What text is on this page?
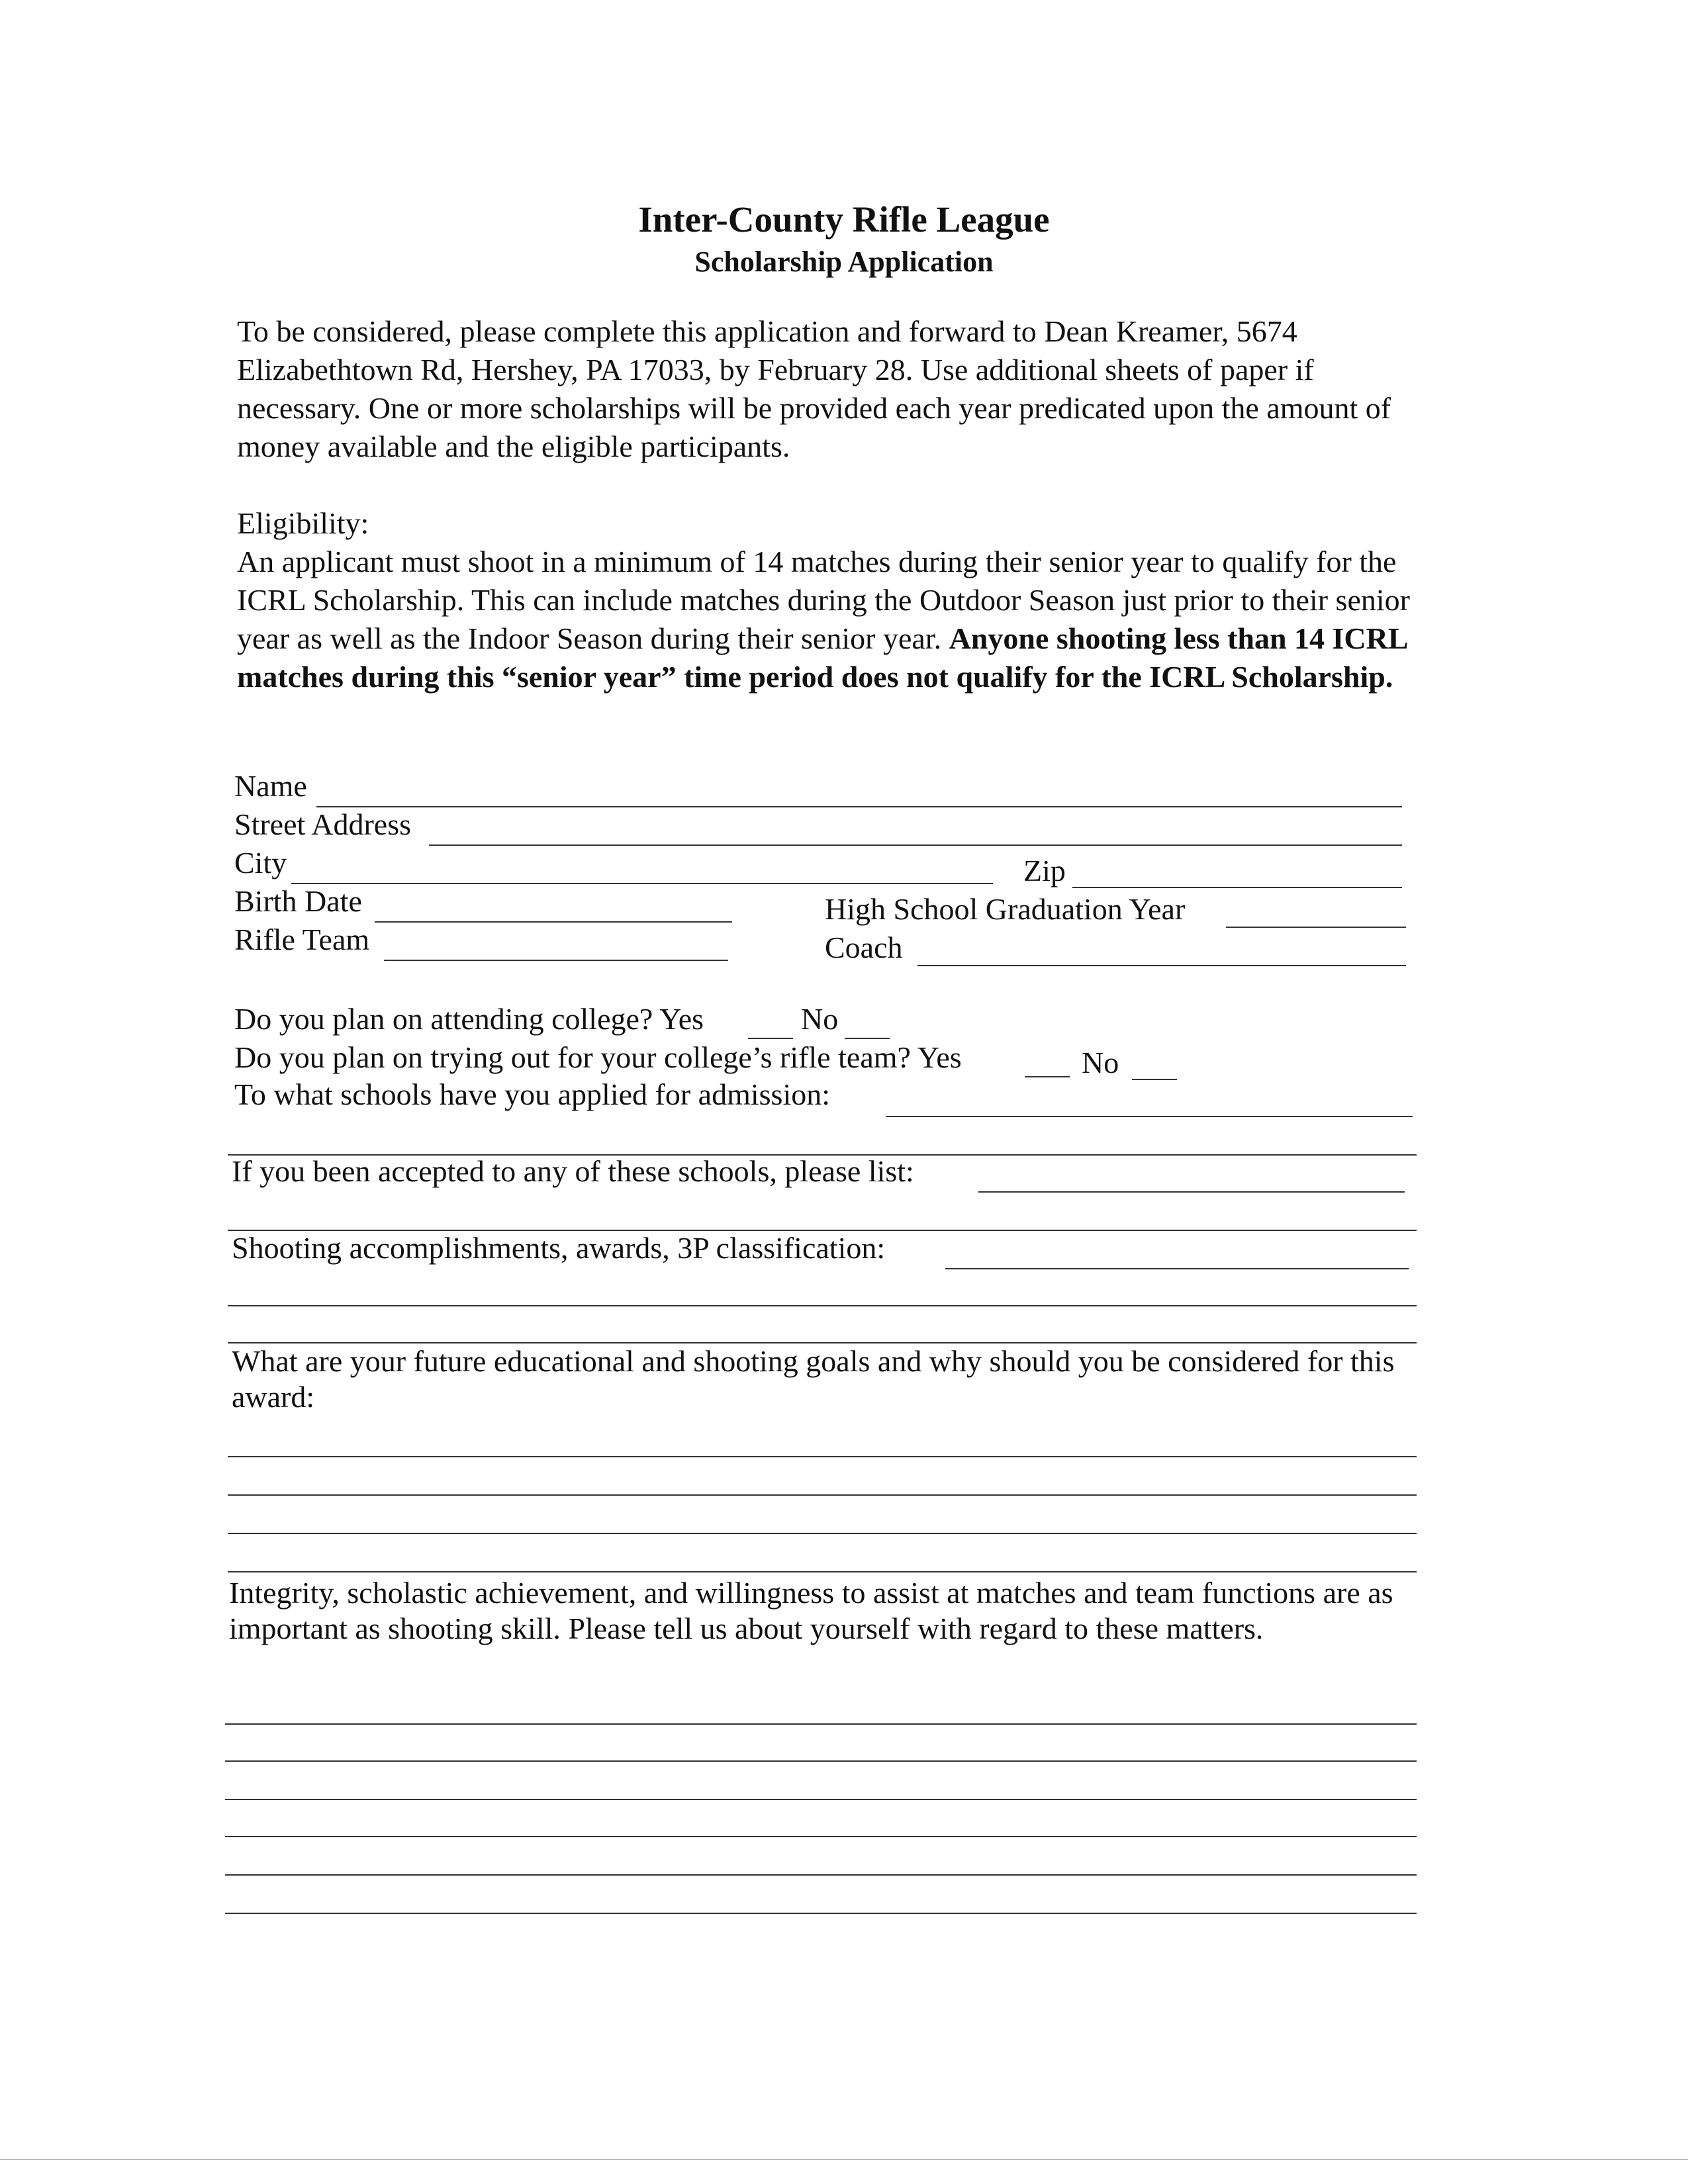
Inter-County Rifle League
Scholarship Application
To be considered, please complete this application and forward to Dean Kreamer, 5674 Elizabethtown Rd, Hershey, PA 17033, by February 28. Use additional sheets of paper if necessary. One or more scholarships will be provided each year predicated upon the amount of money available and the eligible participants.
Eligibility:
An applicant must shoot in a minimum of 14 matches during their senior year to qualify for the ICRL Scholarship. This can include matches during the Outdoor Season just prior to their senior year as well as the Indoor Season during their senior year. Anyone shooting less than 14 ICRL matches during this “senior year” time period does not qualify for the ICRL Scholarship.
Name
Street Address
City	Zip
Birth Date	High School Graduation Year
Rifle Team	Coach
Do you plan on attending college? Yes	No
Do you plan on trying out for your college’s rifle team? Yes	No
To what schools have you applied for admission:
If you been accepted to any of these schools, please list:
Shooting accomplishments, awards, 3P classification:
What are your future educational and shooting goals and why should you be considered for this award:
Integrity, scholastic achievement, and willingness to assist at matches and team functions are as important as shooting skill. Please tell us about yourself with regard to these matters.
